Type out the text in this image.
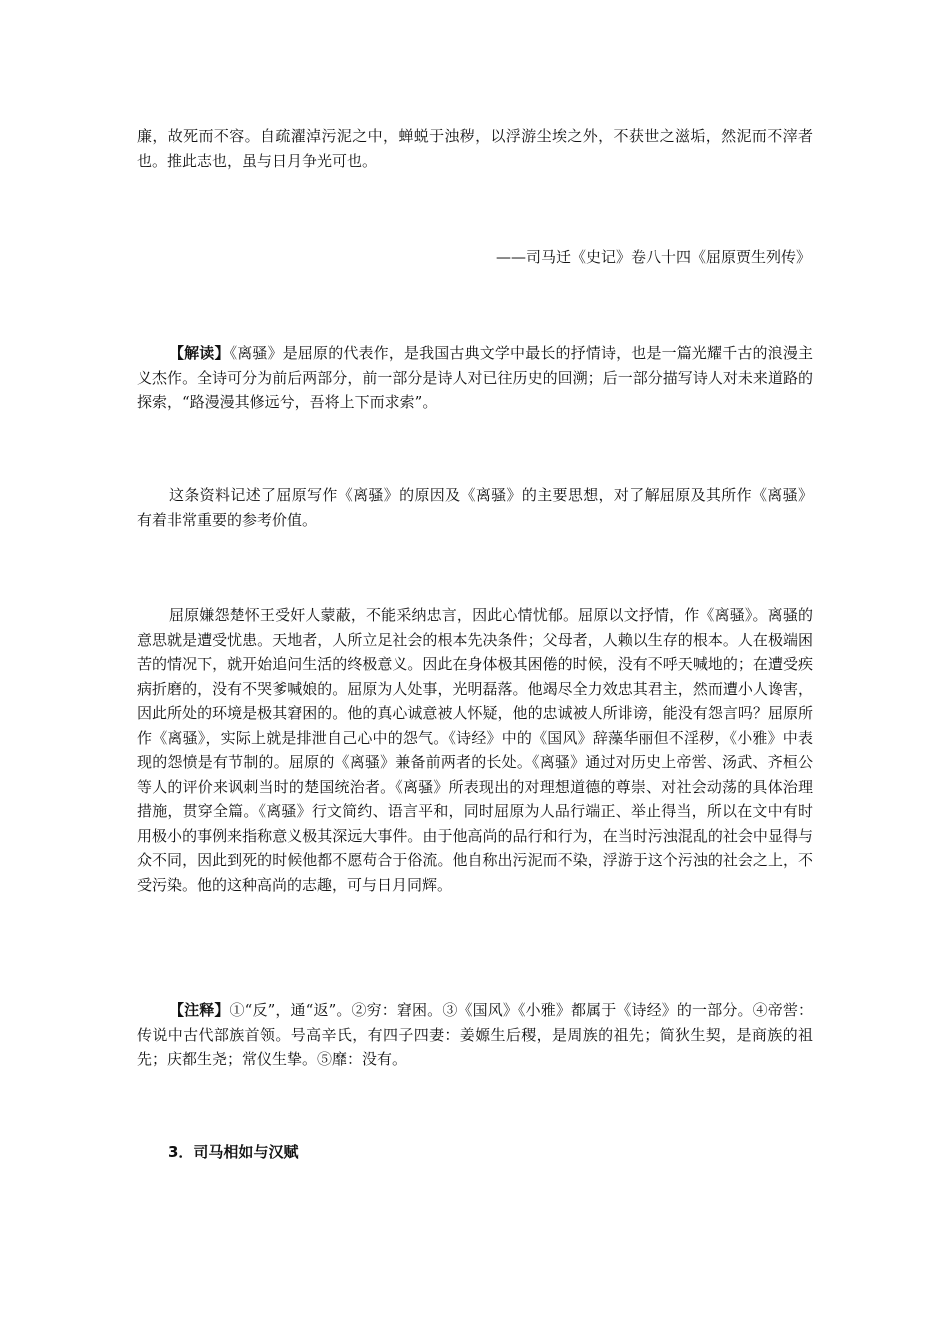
廉，故死而不容。自疏濯淖污泥之中，蝉蜕于浊秽，以浮游尘埃之外，不获世之滋垢，然泥而不滓者也。推此志也，虽与日月争光可也。

——司马迁《史记》卷八十四《屈原贾生列传》

【解读】《离骚》是屈原的代表作，是我国古典文学中最长的抒情诗，也是一篇光耀千古的浪漫主义杰作。全诗可分为前后两部分，前一部分是诗人对已往历史的回溯；后一部分描写诗人对未来道路的探索，“路漫漫其修远兮，吾将上下而求索”。

这条资料记述了屈原写作《离骚》的原因及《离骚》的主要思想，对了解屈原及其所作《离骚》有着非常重要的参考价值。

屈原嫌怨楚怀王受奸人蒙蔽，不能采纳忠言，因此心情忧郁。屈原以文抒情，作《离骚》。离骚的意思就是遭受忧患。天地者，人所立足社会的根本先决条件；父母者，人赖以生存的根本。人在极端困苦的情况下，就开始追问生活的终极意义。因此在身体极其困倦的时候，没有不呼天喊地的；在遭受疾病折磨的，没有不哭爹喊娘的。屈原为人处事，光明磊落。他竭尽全力效忠其君主，然而遭小人谗害，因此所处的环境是极其窘困的。他的真心诚意被人怀疑，他的忠诚被人所诽谤，能没有怨言吗？屈原所作《离骚》，实际上就是排泄自己心中的怨气。《诗经》中的《国风》辞藻华丽但不淫秽，《小雅》中表现的怨愤是有节制的。屈原的《离骚》兼备前两者的长处。《离骚》通过对历史上帝喾、汤武、齐桓公等人的评价来讽刺当时的楚国统治者。《离骚》所表现出的对理想道德的尊崇、对社会动荡的具体治理措施，贯穿全篇。《离骚》行文简约、语言平和，同时屈原为人品行端正、举止得当，所以在文中有时用极小的事例来指称意义极其深远大事件。由于他高尚的品行和行为，在当时污浊混乱的社会中显得与众不同，因此到死的时候他都不愿苟合于俗流。他自称出污泥而不染，浮游于这个污浊的社会之上，不受污染。他的这种高尚的志趣，可与日月同辉。

【注释】①“反”，通“返”。②穷：窘困。③《国风》《小雅》都属于《诗经》的一部分。④帝喾：传说中古代部族首领。号高辛氏，有四子四妻：姜嫄生后稷，是周族的祖先；简狄生契，是商族的祖先；庆都生尧；常仪生挚。⑤靡：没有。

3．司马相如与汉赋
